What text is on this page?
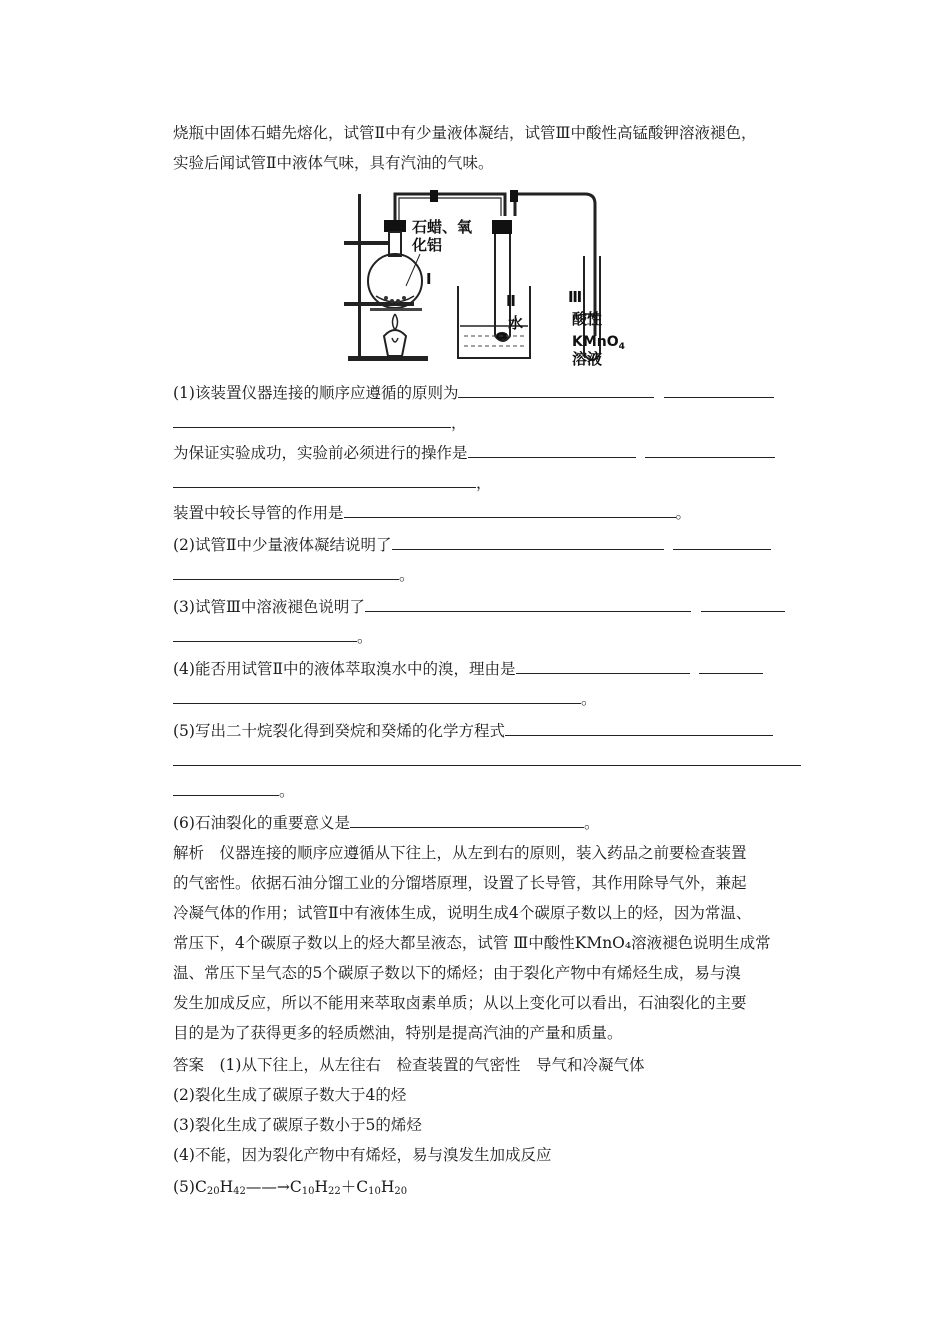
烧瓶中固体石蜡先熔化，试管Ⅱ中有少量液体凝结，试管Ⅲ中酸性高锰酸钾溶液褪色，
实验后闻试管Ⅱ中液体气味，具有汽油的气味。
石蜡、氧
化铝
Ⅰ
Ⅱ
水
Ⅲ
酸性
KMnO$_4$
溶液
(1)该装置仪器连接的顺序应遵循的原则为
，
为保证实验成功，实验前必须进行的操作是
，
装置中较长导管的作用是	。
(2)试管Ⅱ中少量液体凝结说明了
。
(3)试管Ⅲ中溶液褪色说明了
。
(4)能否用试管Ⅱ中的液体萃取溴水中的溴，理由是
。
(5)写出二十烷裂化得到癸烷和癸烯的化学方程式
。
(6)石油裂化的重要意义是	。
解析　仪器连接的顺序应遵循从下往上，从左到右的原则，装入药品之前要检查装置
的气密性。依据石油分馏工业的分馏塔原理，设置了长导管，其作用除导气外，兼起
冷凝气体的作用；试管Ⅱ中有液体生成，说明生成4个碳原子数以上的烃，因为常温、
常压下，4个碳原子数以上的烃大都呈液态，试管 Ⅲ中酸性KMnO₄溶液褪色说明生成常
温、常压下呈气态的5个碳原子数以下的烯烃；由于裂化产物中有烯烃生成，易与溴
发生加成反应，所以不能用来萃取卤素单质；从以上变化可以看出，石油裂化的主要
目的是为了获得更多的轻质燃油，特别是提高汽油的产量和质量。
答案　(1)从下往上，从左往右　检查装置的气密性　导气和冷凝气体
(2)裂化生成了碳原子数大于4的烃
(3)裂化生成了碳原子数小于5的烯烃
(4)不能，因为裂化产物中有烯烃，易与溴发生加成反应
$(5)C_{20}H_{42}——\to C_{10}H_{22}+C_{10}H_{20}$
